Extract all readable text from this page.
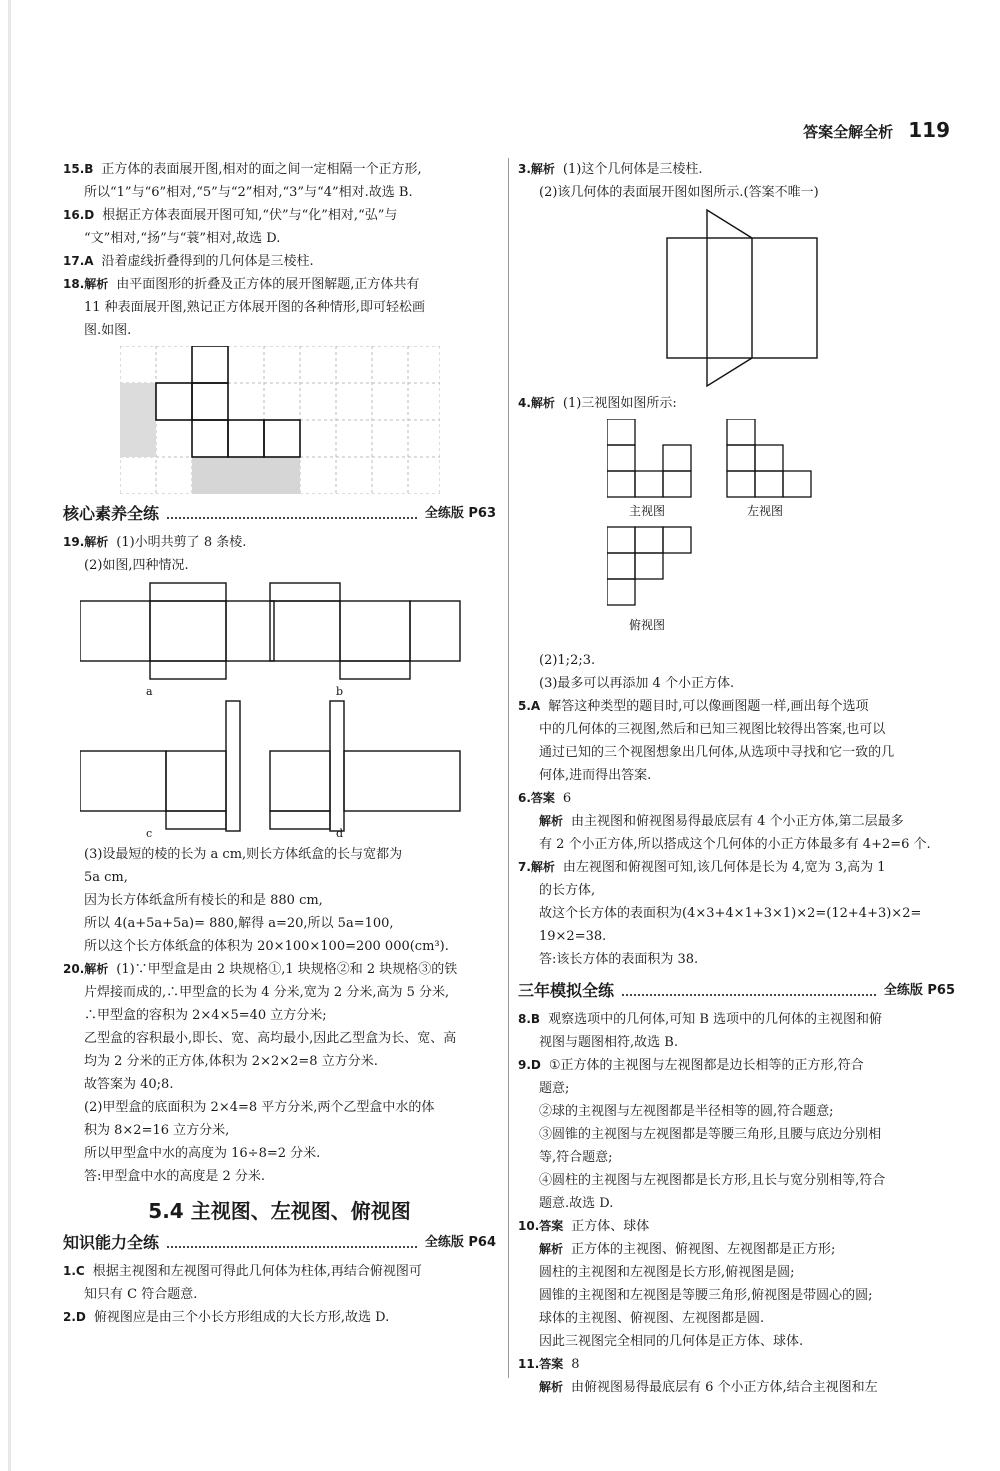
答案全解全析 119

15.B 正方体的表面展开图,相对的面之间一定相隔一个正方形,

所以“1”与“6”相对,“5”与“2”相对,“3”与“4”相对.故选 B.

16.D 根据正方体表面展开图可知,“伏”与“化”相对,“弘”与

“文”相对,“扬”与“蓑”相对,故选 D.

17.A 沿着虚线折叠得到的几何体是三棱柱.

18.解析 由平面图形的折叠及正方体的展开图解题,正方体共有

11 种表面展开图,熟记正方体展开图的各种情形,即可轻松画

图.如图.

核心素养全练	全练版 P63

19.解析 (1)小明共剪了 8 条棱.

(2)如图,四种情况.

a	b
c	d

(3)设最短的棱的长为 a cm,则长方体纸盒的长与宽都为

5a cm,

因为长方体纸盒所有棱长的和是 880 cm,

所以 4(a+5a+5a)= 880,解得 a=20,所以 5a=100,

所以这个长方体纸盒的体积为 20×100×100=200 000(cm³).

20.解析 (1)∵甲型盒是由 2 块规格①,1 块规格②和 2 块规格③的铁

片焊接而成的,∴甲型盒的长为 4 分米,宽为 2 分米,高为 5 分米,

∴甲型盒的容积为 2×4×5=40 立方分米;

乙型盒的容积最小,即长、宽、高均最小,因此乙型盒为长、宽、高

均为 2 分米的正方体,体积为 2×2×2=8 立方分米.

故答案为 40;8.

(2)甲型盒的底面积为 2×4=8 平方分米,两个乙型盒中水的体

积为 8×2=16 立方分米,

所以甲型盒中水的高度为 16÷8=2 分米.

答:甲型盒中水的高度是 2 分米.

5.4 主视图、左视图、俯视图
知识能力全练	全练版 P64

1.C 根据主视图和左视图可得此几何体为柱体,再结合俯视图可

知只有 C 符合题意.

2.D 俯视图应是由三个小长方形组成的大长方形,故选 D.

3.解析 (1)这个几何体是三棱柱.

(2)该几何体的表面展开图如图所示.(答案不唯一)

4.解析 (1)三视图如图所示:

主视图	左视图
俯视图

(2)1;2;3.

(3)最多可以再添加 4 个小正方体.

5.A 解答这种类型的题目时,可以像画图题一样,画出每个选项

中的几何体的三视图,然后和已知三视图比较得出答案,也可以

通过已知的三个视图想象出几何体,从选项中寻找和它一致的几

何体,进而得出答案.

6.答案 6

解析 由主视图和俯视图易得最底层有 4 个小正方体,第二层最多

有 2 个小正方体,所以搭成这个几何体的小正方体最多有 4+2=6 个.

7.解析 由左视图和俯视图可知,该几何体是长为 4,宽为 3,高为 1

的长方体,

故这个长方体的表面积为(4×3+4×1+3×1)×2=(12+4+3)×2=

19×2=38.

答:该长方体的表面积为 38.

三年模拟全练	全练版 P65

8.B 观察选项中的几何体,可知 B 选项中的几何体的主视图和俯

视图与题图相符,故选 B.

9.D ①正方体的主视图与左视图都是边长相等的正方形,符合

题意;

②球的主视图与左视图都是半径相等的圆,符合题意;

③圆锥的主视图与左视图都是等腰三角形,且腰与底边分别相

等,符合题意;

④圆柱的主视图与左视图都是长方形,且长与宽分别相等,符合

题意.故选 D.

10.答案 正方体、球体

解析 正方体的主视图、俯视图、左视图都是正方形;

圆柱的主视图和左视图是长方形,俯视图是圆;

圆锥的主视图和左视图是等腰三角形,俯视图是带圆心的圆;

球体的主视图、俯视图、左视图都是圆.

因此三视图完全相同的几何体是正方体、球体.

11.答案 8

解析 由俯视图易得最底层有 6 个小正方体,结合主视图和左
